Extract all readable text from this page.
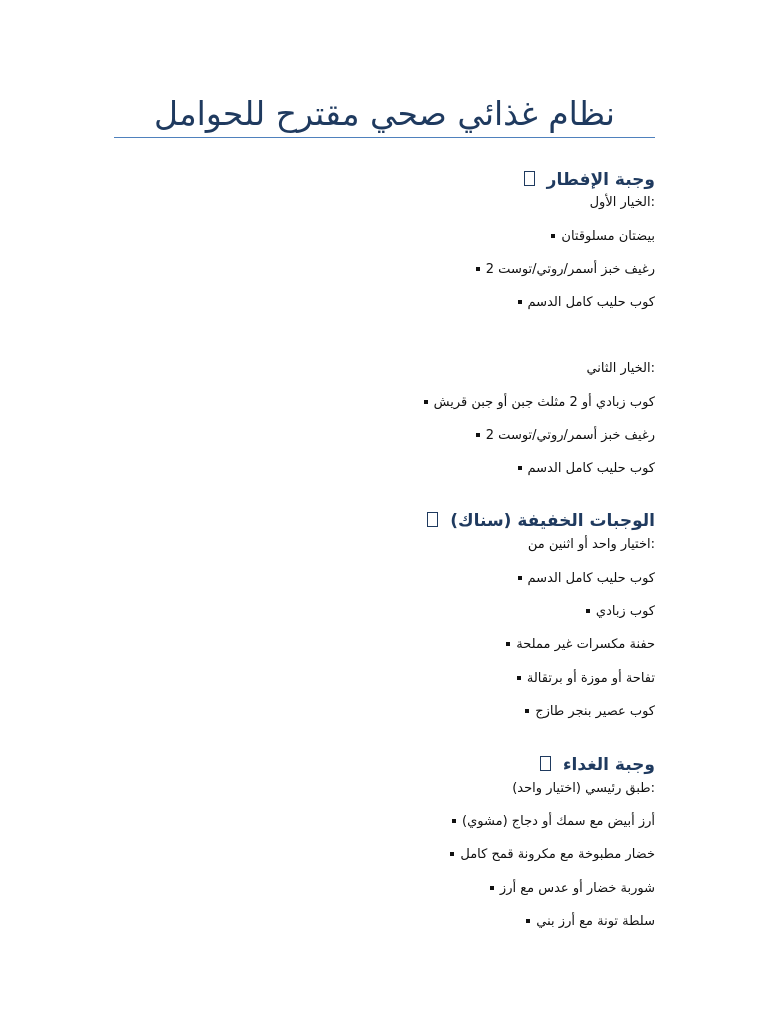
نظام غذائي صحي مقترح للحوامل
وجبة الإفطار
:الخيار الأول
بيضتان مسلوقتان
رغيف خبز أسمر/روتي/توست 2
كوب حليب كامل الدسم
:الخيار الثاني
كوب زبادي أو 2 مثلث جبن أو جبن قريش
رغيف خبز أسمر/روتي/توست 2
كوب حليب كامل الدسم
الوجبات الخفيفة (سناك)
:اختيار واحد أو اثنين من
كوب حليب كامل الدسم
كوب زبادي
حفنة مكسرات غير مملحة
تفاحة أو موزة أو برتقالة
كوب عصير بنجر طازج
وجبة الغداء
:طبق رئيسي (اختيار واحد)
أرز أبيض مع سمك أو دجاج (مشوي)
خضار مطبوخة مع مكرونة قمح كامل
شوربة خضار أو عدس مع أرز
سلطة تونة مع أرز بني
